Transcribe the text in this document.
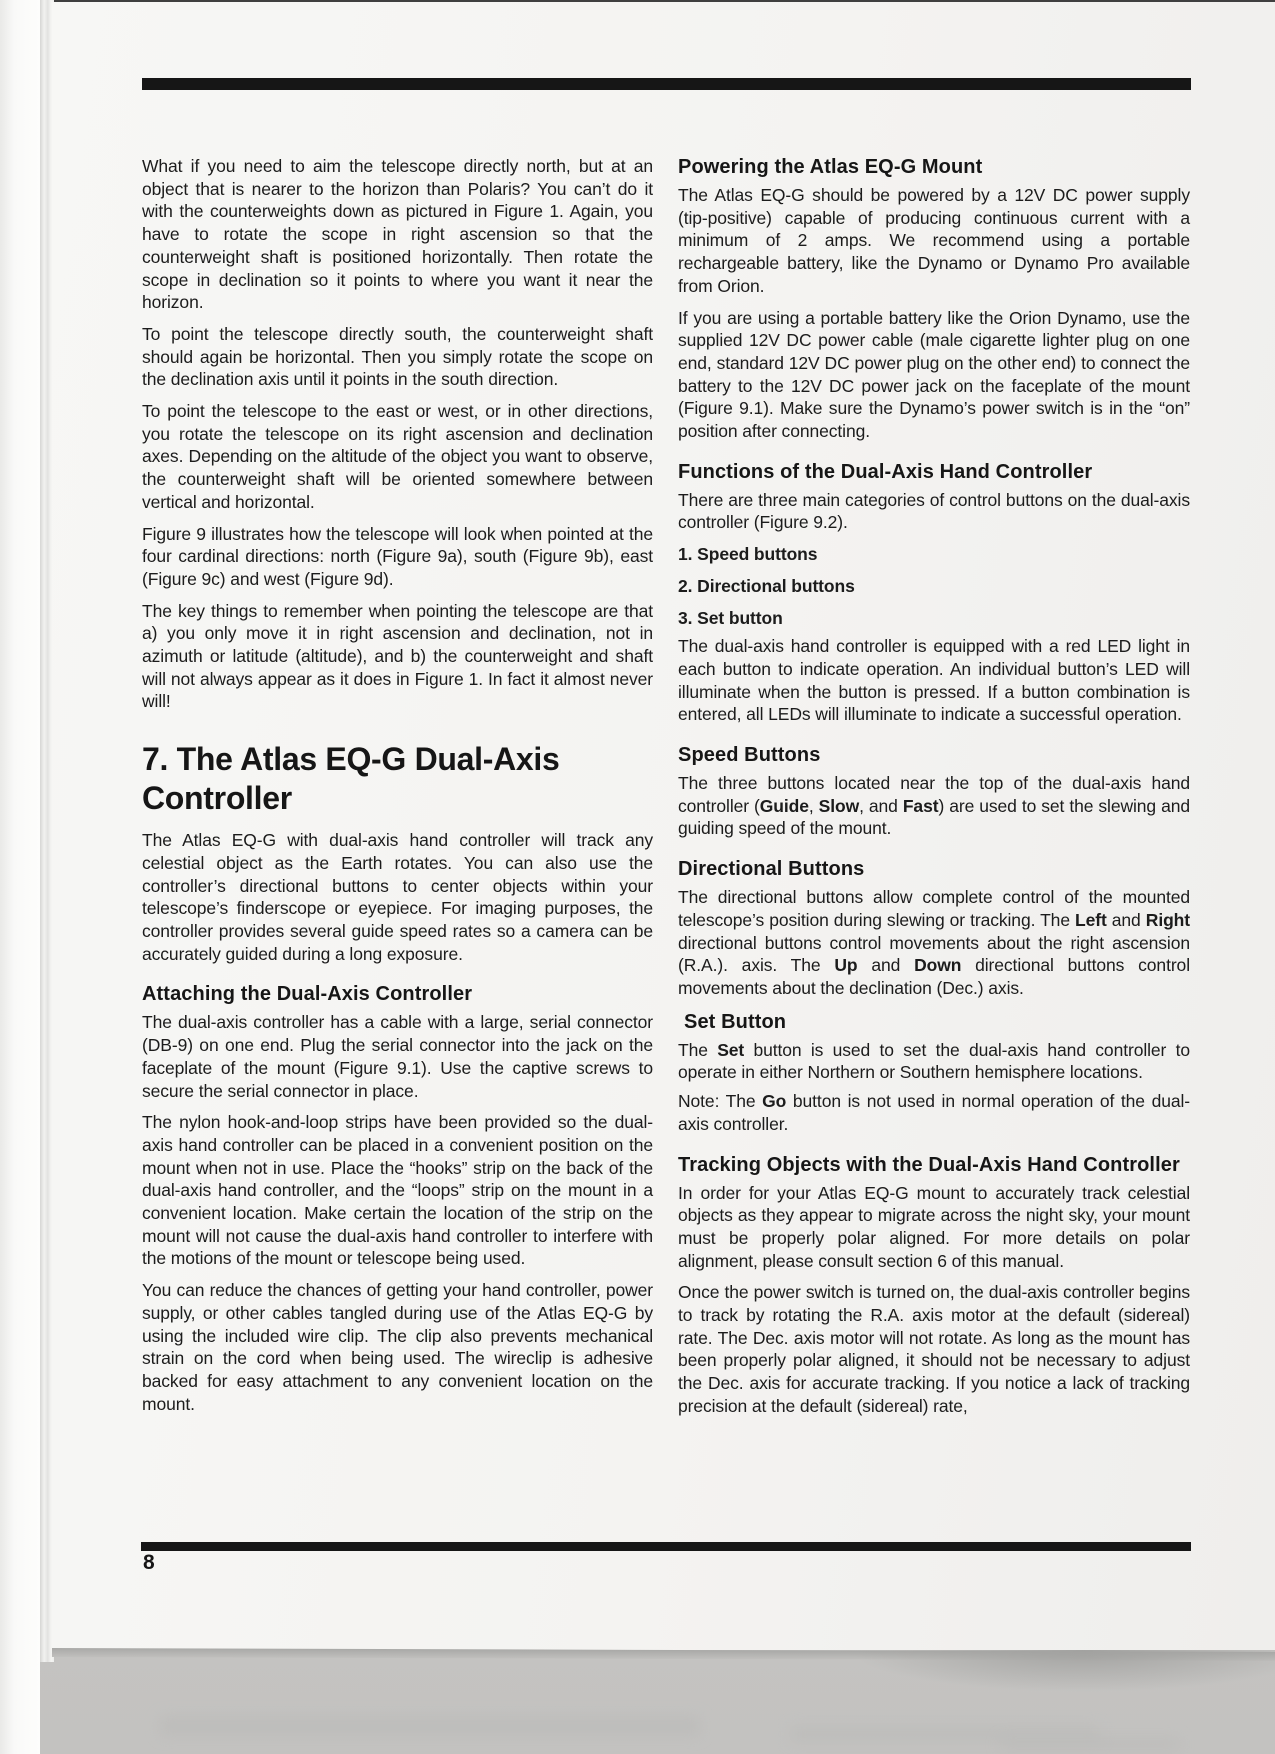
What if you need to aim the telescope directly north, but at an object that is nearer to the horizon than Polaris? You can’t do it with the counterweights down as pictured in Figure 1. Again, you have to rotate the scope in right ascension so that the counterweight shaft is positioned horizontally. Then rotate the scope in declination so it points to where you want it near the horizon.

To point the telescope directly south, the counterweight shaft should again be horizontal. Then you simply rotate the scope on the declination axis until it points in the south direction.

To point the telescope to the east or west, or in other directions, you rotate the telescope on its right ascension and declination axes. Depending on the altitude of the object you want to observe, the counterweight shaft will be oriented somewhere between vertical and horizontal.

Figure 9 illustrates how the telescope will look when pointed at the four cardinal directions: north (Figure 9a), south (Figure 9b), east (Figure 9c) and west (Figure 9d).

The key things to remember when pointing the telescope are that a) you only move it in right ascension and declination, not in azimuth or latitude (altitude), and b) the counterweight and shaft will not always appear as it does in Figure 1. In fact it almost never will!

7. The Atlas EQ-G Dual-Axis Controller

The Atlas EQ-G with dual-axis hand controller will track any celestial object as the Earth rotates. You can also use the controller’s directional buttons to center objects within your telescope’s finderscope or eyepiece. For imaging purposes, the controller provides several guide speed rates so a camera can be accurately guided during a long exposure.

Attaching the Dual-Axis Controller

The dual-axis controller has a cable with a large, serial connector (DB-9) on one end. Plug the serial connector into the jack on the faceplate of the mount (Figure 9.1). Use the captive screws to secure the serial connector in place.

The nylon hook-and-loop strips have been provided so the dual-axis hand controller can be placed in a convenient position on the mount when not in use. Place the “hooks” strip on the back of the dual-axis hand controller, and the “loops” strip on the mount in a convenient location. Make certain the location of the strip on the mount will not cause the dual-axis hand controller to interfere with the motions of the mount or telescope being used.

You can reduce the chances of getting your hand controller, power supply, or other cables tangled during use of the Atlas EQ-G by using the included wire clip. The clip also prevents mechanical strain on the cord when being used. The wireclip is adhesive backed for easy attachment to any convenient location on the mount.

Powering the Atlas EQ-G Mount

The Atlas EQ-G should be powered by a 12V DC power supply (tip-positive) capable of producing continuous current with a minimum of 2 amps. We recommend using a portable rechargeable battery, like the Dynamo or Dynamo Pro available from Orion.

If you are using a portable battery like the Orion Dynamo, use the supplied 12V DC power cable (male cigarette lighter plug on one end, standard 12V DC power plug on the other end) to connect the battery to the 12V DC power jack on the faceplate of the mount (Figure 9.1). Make sure the Dynamo’s power switch is in the “on” position after connecting.

Functions of the Dual-Axis Hand Controller

There are three main categories of control buttons on the dual-axis controller (Figure 9.2).

1. Speed buttons

2. Directional buttons

3. Set button

The dual-axis hand controller is equipped with a red LED light in each button to indicate operation. An individual button’s LED will illuminate when the button is pressed. If a button combination is entered, all LEDs will illuminate to indicate a successful operation.

Speed Buttons

The three buttons located near the top of the dual-axis hand controller (Guide, Slow, and Fast) are used to set the slewing and guiding speed of the mount.

Directional Buttons

The directional buttons allow complete control of the mounted telescope’s position during slewing or tracking. The Left and Right directional buttons control movements about the right ascension (R.A.). axis. The Up and Down directional buttons control movements about the declination (Dec.) axis.

Set Button

The Set button is used to set the dual-axis hand controller to operate in either Northern or Southern hemisphere locations.

Note: The Go button is not used in normal operation of the dual-axis controller.

Tracking Objects with the Dual-Axis Hand Controller

In order for your Atlas EQ-G mount to accurately track celestial objects as they appear to migrate across the night sky, your mount must be properly polar aligned. For more details on polar alignment, please consult section 6 of this manual.

Once the power switch is turned on, the dual-axis controller begins to track by rotating the R.A. axis motor at the default (sidereal) rate. The Dec. axis motor will not rotate. As long as the mount has been properly polar aligned, it should not be necessary to adjust the Dec. axis for accurate tracking. If you notice a lack of tracking precision at the default (sidereal) rate,

8
